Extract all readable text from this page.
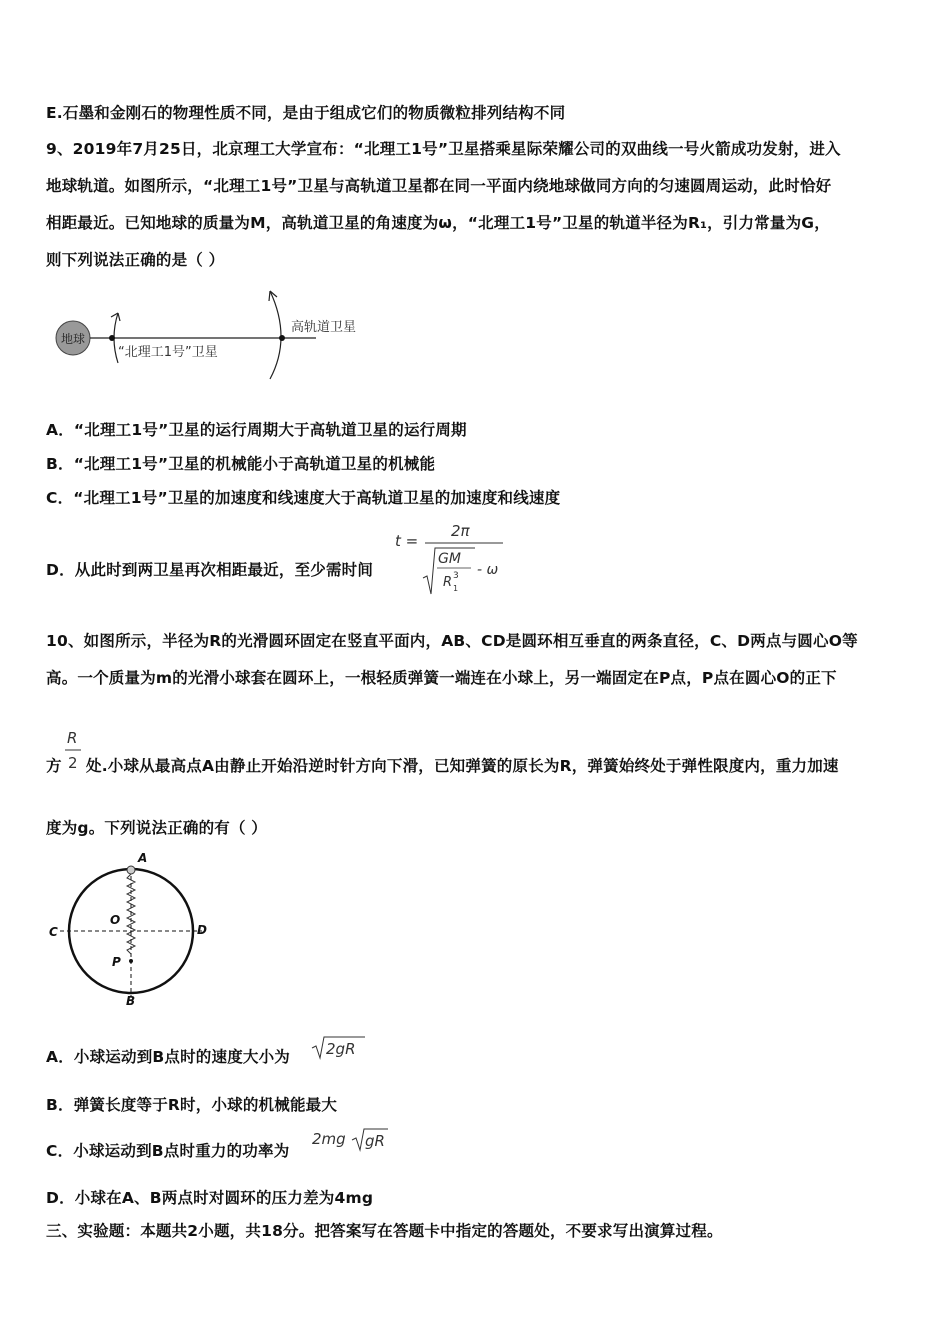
E.石墨和金刚石的物理性质不同，是由于组成它们的物质微粒排列结构不同
9、2019年7月25日，北京理工大学宣布：“北理工1号”卫星搭乘星际荣耀公司的双曲线一号火箭成功发射，进入
地球轨道。如图所示，“北理工1号”卫星与高轨道卫星都在同一平面内绕地球做同方向的匀速圆周运动，此时恰好
相距最近。已知地球的质量为M，高轨道卫星的角速度为ω，“北理工1号”卫星的轨道半径为R₁，引力常量为G，
则下列说法正确的是（ ）
地球
“北理工1号”卫星
高轨道卫星
A．“北理工1号”卫星的运行周期大于高轨道卫星的运行周期
B．“北理工1号”卫星的机械能小于高轨道卫星的机械能
C．“北理工1号”卫星的加速度和线速度大于高轨道卫星的加速度和线速度
D．从此时到两卫星再次相距最近，至少需时间
t =
2π
GM
R 3
1
- ω
10、如图所示，半径为R的光滑圆环固定在竖直平面内，AB、CD是圆环相互垂直的两条直径，C、D两点与圆心O等
高。一个质量为m的光滑小球套在圆环上，一根轻质弹簧一端连在小球上，另一端固定在P点，P点在圆心O的正下
方
R
2 处.小球从最高点A由静止开始沿逆时针方向下滑，已知弹簧的原长为R，弹簧始终处于弹性限度内，重力加速
度为g。下列说法正确的有（ ）
A
B
C	D
O
P
A．小球运动到B点时的速度大小为 2gR
B．弹簧长度等于R时，小球的机械能最大
C．小球运动到B点时重力的功率为
2mg gR
D．小球在A、B两点时对圆环的压力差为4mg
三、实验题：本题共2小题，共18分。把答案写在答题卡中指定的答题处，不要求写出演算过程。
